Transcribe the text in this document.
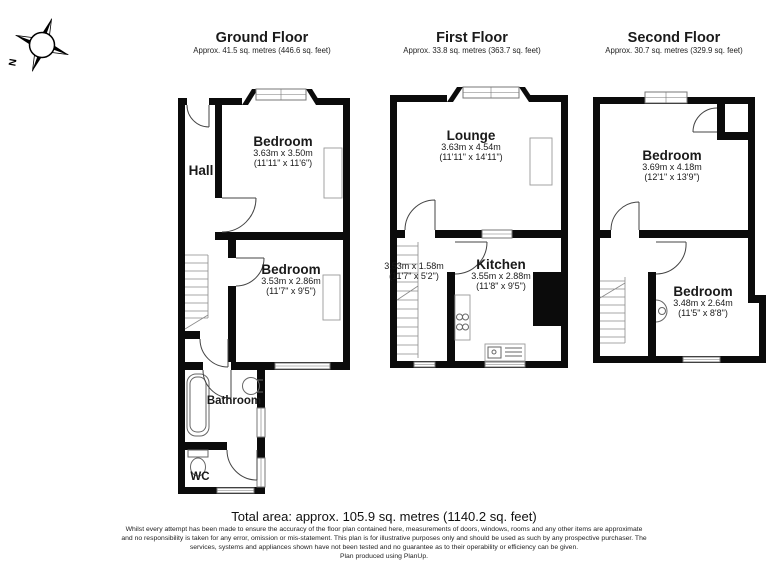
N
Ground Floor
Approx. 41.5 sq. metres (446.6 sq. feet)
First Floor
Approx. 33.8 sq. metres (363.7 sq. feet)
Second Floor
Approx. 30.7 sq. metres (329.9 sq. feet)
Hall
Bedroom
3.63m x 3.50m
(11'11" x 11'6")
Bedroom
3.53m x 2.86m
(11'7" x 9'5")
Bathroom
WC
Lounge
3.63m x 4.54m
(11'11" x 14'11")
3.53m x 1.58m
(11'7" x 5'2")
Kitchen
3.55m x 2.88m
(11'8" x 9'5")
Bedroom
3.69m x 4.18m
(12'1" x 13'9")
Bedroom
3.48m x 2.64m
(11'5" x 8'8")
Total area: approx. 105.9 sq. metres (1140.2 sq. feet)
Whilst every attempt has been made to ensure the accuracy of the floor plan contained here, measurements of doors, windows, rooms and any other items are approximate
and no responsibility is taken for any error, omission or mis-statement. This plan is for illustrative purposes only and should be used as such by any prospective purchaser. The
services, systems and appliances shown have not been tested and no guarantee as to their operability or efficiency can be given.
Plan produced using PlanUp.
